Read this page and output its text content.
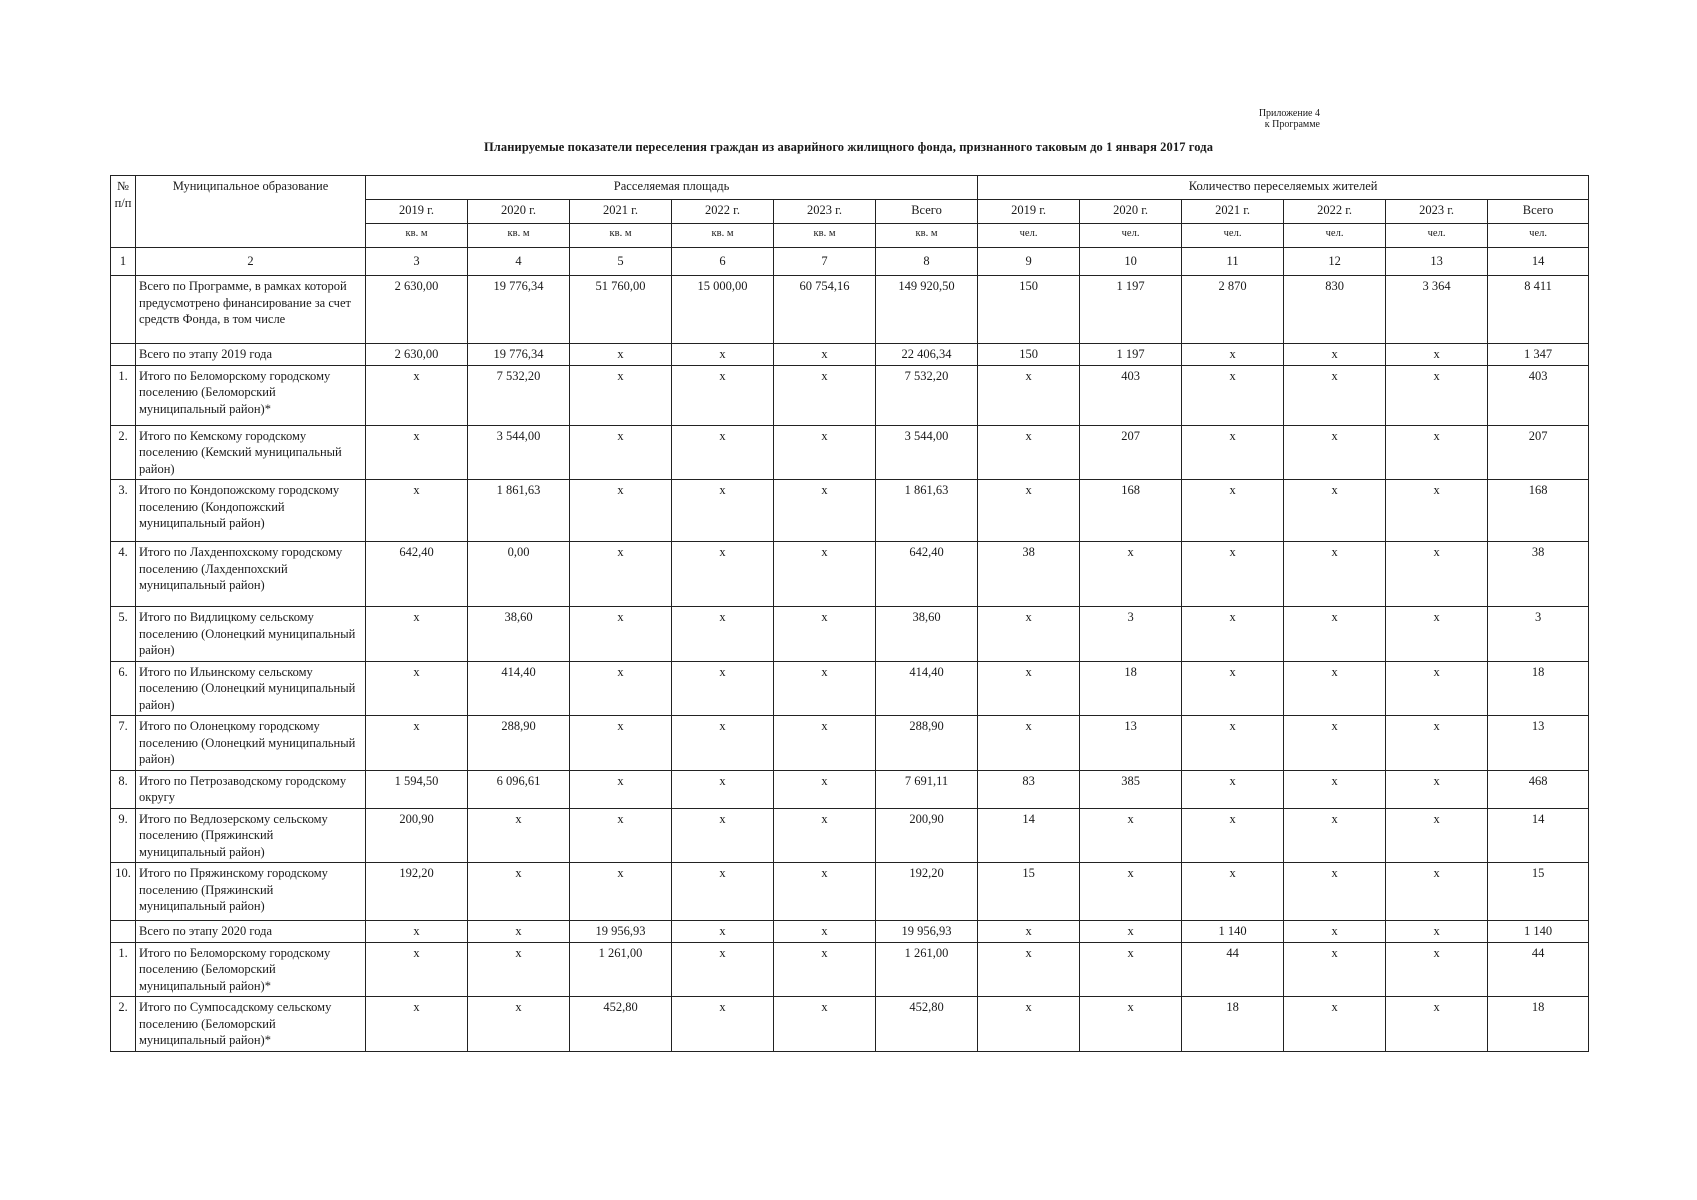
Приложение 4
к Программе
Планируемые показатели переселения граждан из аварийного жилищного фонда, признанного таковым до 1 января 2017 года
№ п/п	Муниципальное образование	Расселяемая площадь						Количество переселяемых жителей					
		2019 г.	2020 г.	2021 г.	2022 г.	2023 г.	Всего	2019 г.	2020 г.	2021 г.	2022 г.	2023 г.	Всего
		кв. м	кв. м	кв. м	кв. м	кв. м	кв. м	чел.	чел.	чел.	чел.	чел.	чел.
1	2	3	4	5	6	7	8	9	10	11	12	13	14
	Всего по Программе, в рамках которой предусмотрено финансирование за счет средств Фонда, в том числе	2 630,00	19 776,34	51 760,00	15 000,00	60 754,16	149 920,50	150	1 197	2 870	830	3 364	8 411
	Всего по этапу 2019 года	2 630,00	19 776,34	x	x	x	22 406,34	150	1 197	x	x	x	1 347
1.	Итого по Беломорскому городскому поселению (Беломорский муниципальный район)*	x	7 532,20	x	x	x	7 532,20	x	403	x	x	x	403
2.	Итого по Кемскому городскому поселению (Кемский муниципальный район)	x	3 544,00	x	x	x	3 544,00	x	207	x	x	x	207
3.	Итого по Кондопожскому городскому поселению (Кондопожский муниципальный район)	x	1 861,63	x	x	x	1 861,63	x	168	x	x	x	168
4.	Итого по Лахденпохскому городскому поселению (Лахденпохский муниципальный район)	642,40	0,00	x	x	x	642,40	38	x	x	x	x	38
5.	Итого по Видлицкому сельскому поселению (Олонецкий муниципальный район)	x	38,60	x	x	x	38,60	x	3	x	x	x	3
6.	Итого по Ильинскому сельскому поселению (Олонецкий муниципальный район)	x	414,40	x	x	x	414,40	x	18	x	x	x	18
7.	Итого по Олонецкому городскому поселению (Олонецкий муниципальный район)	x	288,90	x	x	x	288,90	x	13	x	x	x	13
8.	Итого по Петрозаводскому городскому округу	1 594,50	6 096,61	x	x	x	7 691,11	83	385	x	x	x	468
9.	Итого по Ведлозерскому сельскому поселению (Пряжинский муниципальный район)	200,90	x	x	x	x	200,90	14	x	x	x	x	14
10.	Итого по Пряжинскому городскому поселению (Пряжинский муниципальный район)	192,20	x	x	x	x	192,20	15	x	x	x	x	15
	Всего по этапу 2020 года	x	x	19 956,93	x	x	19 956,93	x	x	1 140	x	x	1 140
1.	Итого по Беломорскому городскому поселению (Беломорский муниципальный район)*	x	x	1 261,00	x	x	1 261,00	x	x	44	x	x	44
2.	Итого по Сумпосадскому сельскому поселению (Беломорский муниципальный район)*	x	x	452,80	x	x	452,80	x	x	18	x	x	18
